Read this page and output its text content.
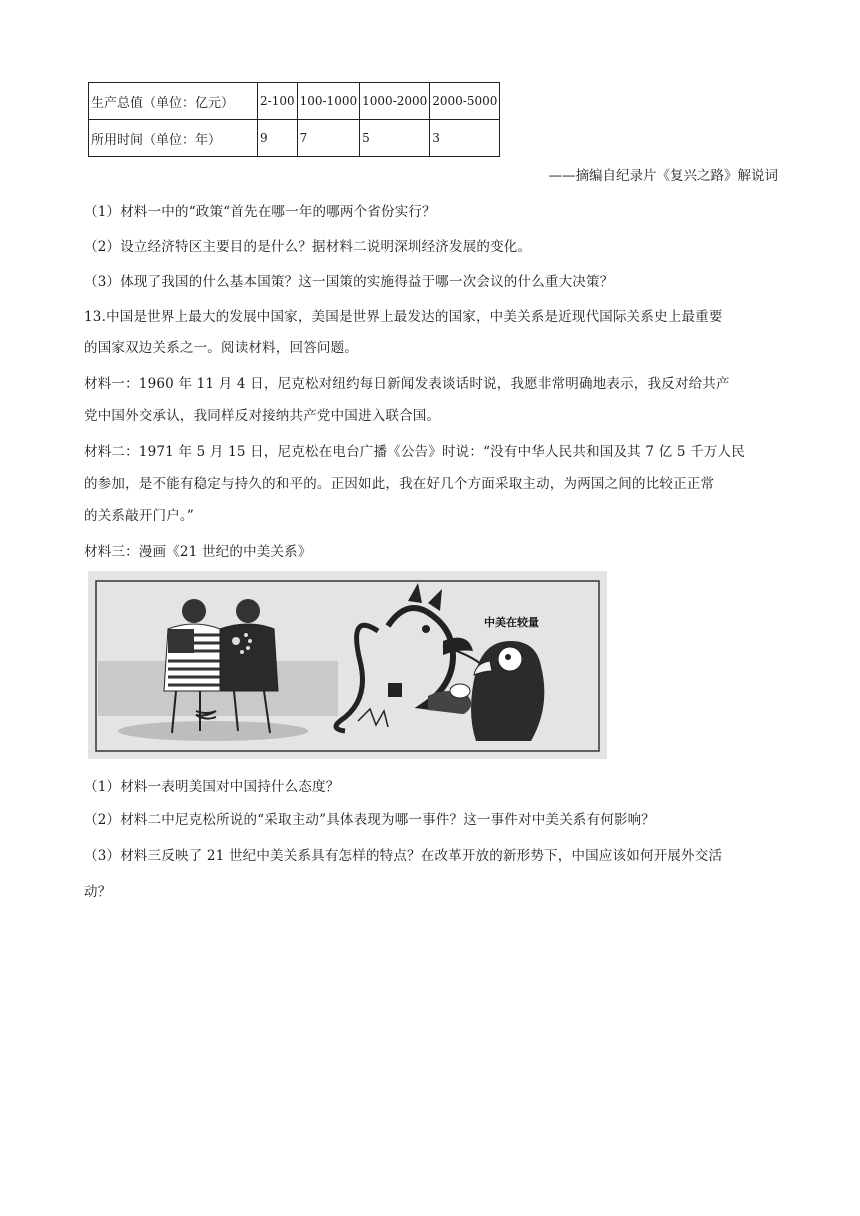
生产总值（单位：亿元）	2-100	100-1000	1000-2000	2000-5000
所用时间（单位：年）	9	7	5	3
——摘编自纪录片《复兴之路》解说词
（1）材料一中的“政策“首先在哪一年的哪两个省份实行？
（2）设立经济特区主要目的是什么？据材料二说明深圳经济发展的变化。
（3）体现了我国的什么基本国策？这一国策的实施得益于哪一次会议的什么重大决策？
13.中国是世界上最大的发展中国家，美国是世界上最发达的国家，中美关系是近现代国际关系史上最重要
的国家双边关系之一。阅读材料，回答问题。
材料一：1960 年 11 月 4 日，尼克松对纽约每日新闻发表谈话时说，我愿非常明确地表示，我反对给共产
党中国外交承认，我同样反对接纳共产党中国进入联合国。
材料二：1971 年 5 月 15 日，尼克松在电台广播《公告》时说：“没有中华人民共和国及其 7 亿 5 千万人民
的参加，是不能有稳定与持久的和平的。正因如此，我在好几个方面采取主动，为两国之间的比较正正常
的关系敲开门户。”
材料三：漫画《21 世纪的中美关系》
中美在较量
（1）材料一表明美国对中国持什么态度？
（2）材料二中尼克松所说的“采取主动”具体表现为哪一事件？这一事件对中美关系有何影响？
（3）材料三反映了 21 世纪中美关系具有怎样的特点？在改革开放的新形势下，中国应该如何开展外交活
动？
